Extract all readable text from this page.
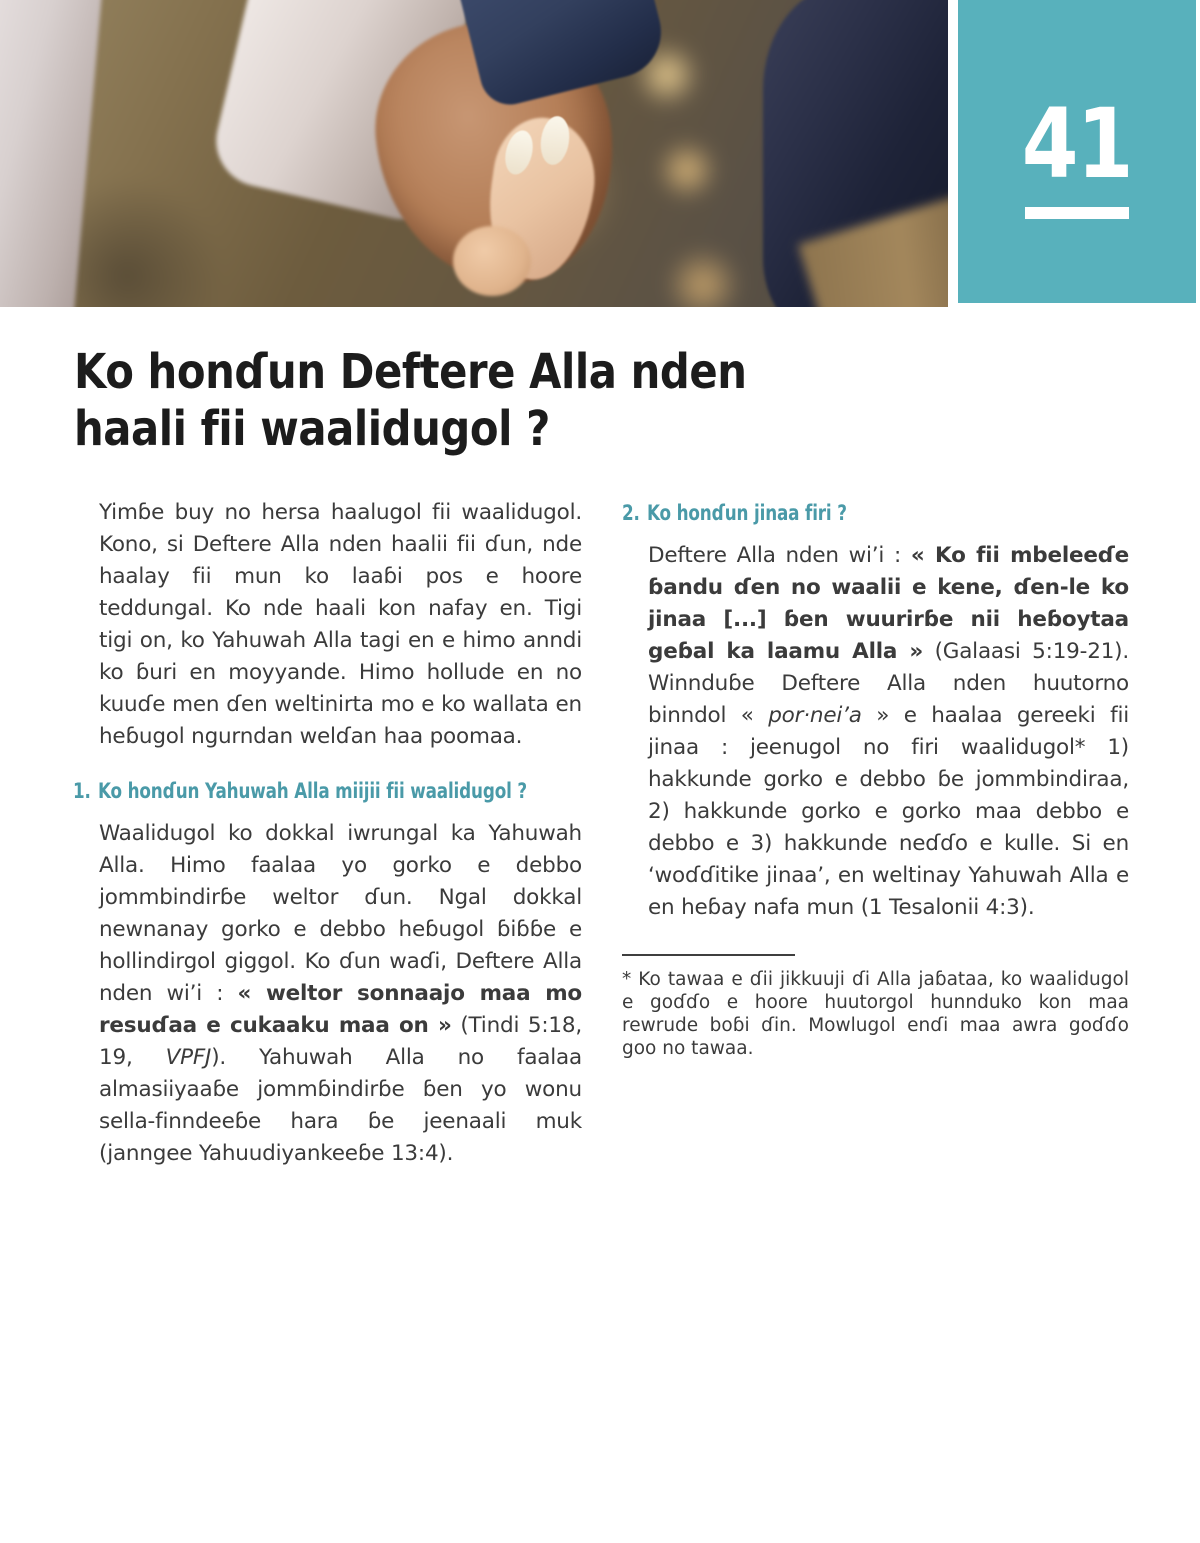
41
Ko honɗun Deftere Alla nden haali fii waalidugol ?

Yimɓe buy no hersa haalugol fii waalidugol. Kono, si Deftere Alla nden haalii fii ɗun, nde haalay fii mun ko laaɓi pos e hoore teddungal. Ko nde haali kon nafay en. Tigi tigi on, ko Yahuwah Alla tagi en e himo anndi ko ɓuri en moyyande. Himo hollude en no kuuɗe men ɗen weltinirta mo e ko wallata en heɓugol ngurndan welɗan haa poomaa.

1. Ko honɗun Yahuwah Alla miijii fii waalidugol ?

Waalidugol ko dokkal iwrungal ka Yahuwah Alla. Himo faalaa yo gorko e debbo jommbindirɓe weltor ɗun. Ngal dokkal newnanay gorko e debbo heɓugol ɓiɓɓe e hollindirgol giggol. Ko ɗun waɗi, Deftere Alla nden wi’i : « weltor sonnaajo maa mo resuɗaa e cukaaku maa on » (Tindi 5:18, 19, VPFJ). Yahuwah Alla no faalaa almasiiyaaɓe jommɓindirɓe ɓen yo wonu sella-finndeeɓe hara ɓe jeenaali muk (janngee Yahuudiyankeeɓe 13:4).

2. Ko honɗun jinaa firi ?

Deftere Alla nden wi’i : « Ko fii mbeleeɗe ɓandu ɗen no waalii e kene, ɗen-le ko jinaa [...] ɓen wuurirɓe nii heɓoytaa geɓal ka laamu Alla » (Galaasi 5:19-21). Winnduɓe Deftere Alla nden huutorno binndol « por·nei’a » e haalaa gereeki fii jinaa : jeenugol no firi waalidugol* 1) hakkunde gorko e debbo ɓe jommbindiraa, 2) hakkunde gorko e gorko maa debbo e debbo e 3) hakkunde neɗɗo e kulle. Si en ‘woɗɗitike jinaa’, en weltinay Yahuwah Alla e en heɓay nafa mun (1 Tesalonii 4:3).

* Ko tawaa e ɗii jikkuuji ɗi Alla jaɓataa, ko waalidugol e goɗɗo e hoore huutorgol hunnduko kon maa rewrude boɓi ɗin. Mowlugol enɗi maa awra goɗɗo goo no tawaa.
